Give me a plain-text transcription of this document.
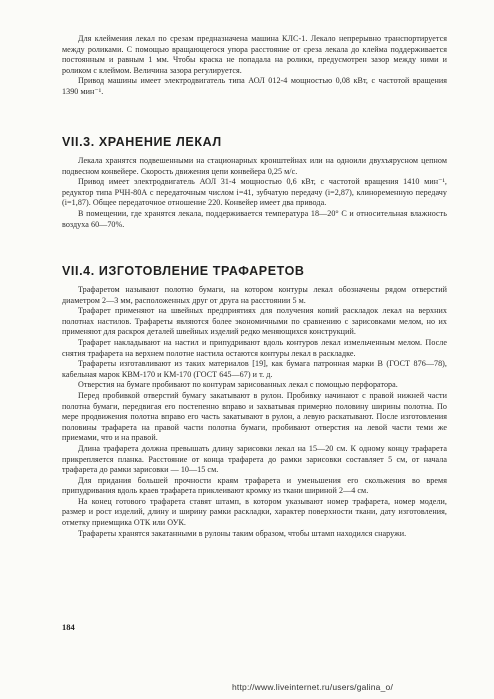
Для клеймения лекал по срезам предназначена машина КЛС-1. Лекало непрерывно транспортируется между роликами. С помощью вращающегося упора расстояние от среза лекала до клейма поддерживается постоянным и равным 1 мм. Чтобы краска не попадала на ролики, предусмотрен зазор между ними и роликом с клеймом. Величина зазора регулируется.

Привод машины имеет электродвигатель типа АОЛ 012-4 мощностью 0,08 кВт, с частотой вращения 1390 мин⁻¹.

VII.3. ХРАНЕНИЕ ЛЕКАЛ

Лекала хранятся подвешенными на стационарных кронштейнах или на одноили двухъярусном цепном подвесном конвейере. Скорость движения цепи конвейера 0,25 м/с.

Привод имеет электродвигатель АОЛ 31-4 мощностью 0,6 кВт, с частотой вращения 1410 мин⁻¹, редуктор типа РЧН-80А с передаточным числом i=41, зубчатую передачу (i=2,87), клиноременную передачу (i=1,87). Общее передаточное отношение 220. Конвейер имеет два привода.

В помещении, где хранятся лекала, поддерживается температура 18—20° С и относительная влажность воздуха 60—70%.

VII.4. ИЗГОТОВЛЕНИЕ ТРАФАРЕТОВ

Трафаретом называют полотно бумаги, на котором контуры лекал обозначены рядом отверстий диаметром 2—3 мм, расположенных друг от друга на расстоянии 5 м.

Трафарет применяют на швейных предприятиях для получения копий раскладок лекал на верхних полотнах настилов. Трафареты являются более экономичными по сравнению с зарисовками мелом, но их применяют для раскроя деталей швейных изделий редко меняющихся конструкций.

Трафарет накладывают на настил и припудривают вдоль контуров лекал измельченным мелом. После снятия трафарета на верхнем полотне настила остаются контуры лекал в раскладке.

Трафареты изготавливают из таких материалов [19], как бумага патронная марки В (ГОСТ 876—78), кабельная марок КВМ-170 и КМ-170 (ГОСТ 645—67) и т. д.

Отверстия на бумаге пробивают по контурам зарисованных лекал с помощью перфоратора.

Перед пробивкой отверстий бумагу закатывают в рулон. Пробивку начинают с правой нижней части полотна бумаги, передвигая его постепенно вправо и захватывая примерно половину ширины полотна. По мере продвижения полотна вправо его часть закатывают в рулон, а левую раскатывают. После изготовления половины трафарета на правой части полотна бумаги, пробивают отверстия на левой части теми же приемами, что и на правой.

Длина трафарета должна превышать длину зарисовки лекал на 15—20 см. К одному концу трафарета прикрепляется планка. Расстояние от конца трафарета до рамки зарисовки составляет 5 см, от начала трафарета до рамки зарисовки — 10—15 см.

Для придания большей прочности краям трафарета и уменьшения его скольжения во время припудривания вдоль краев трафарета приклеивают кромку из ткани шириной 2—4 см.

На конец готового трафарета ставят штамп, в котором указывают номер трафарета, номер модели, размер и рост изделий, длину и ширину рамки раскладки, характер поверхности ткани, дату изготовления, отметку приемщика ОТК или ОУК.

Трафареты хранятся закатанными в рулоны таким образом, чтобы штамп находился снаружи.

184
http://www.liveinternet.ru/users/galina_o/
